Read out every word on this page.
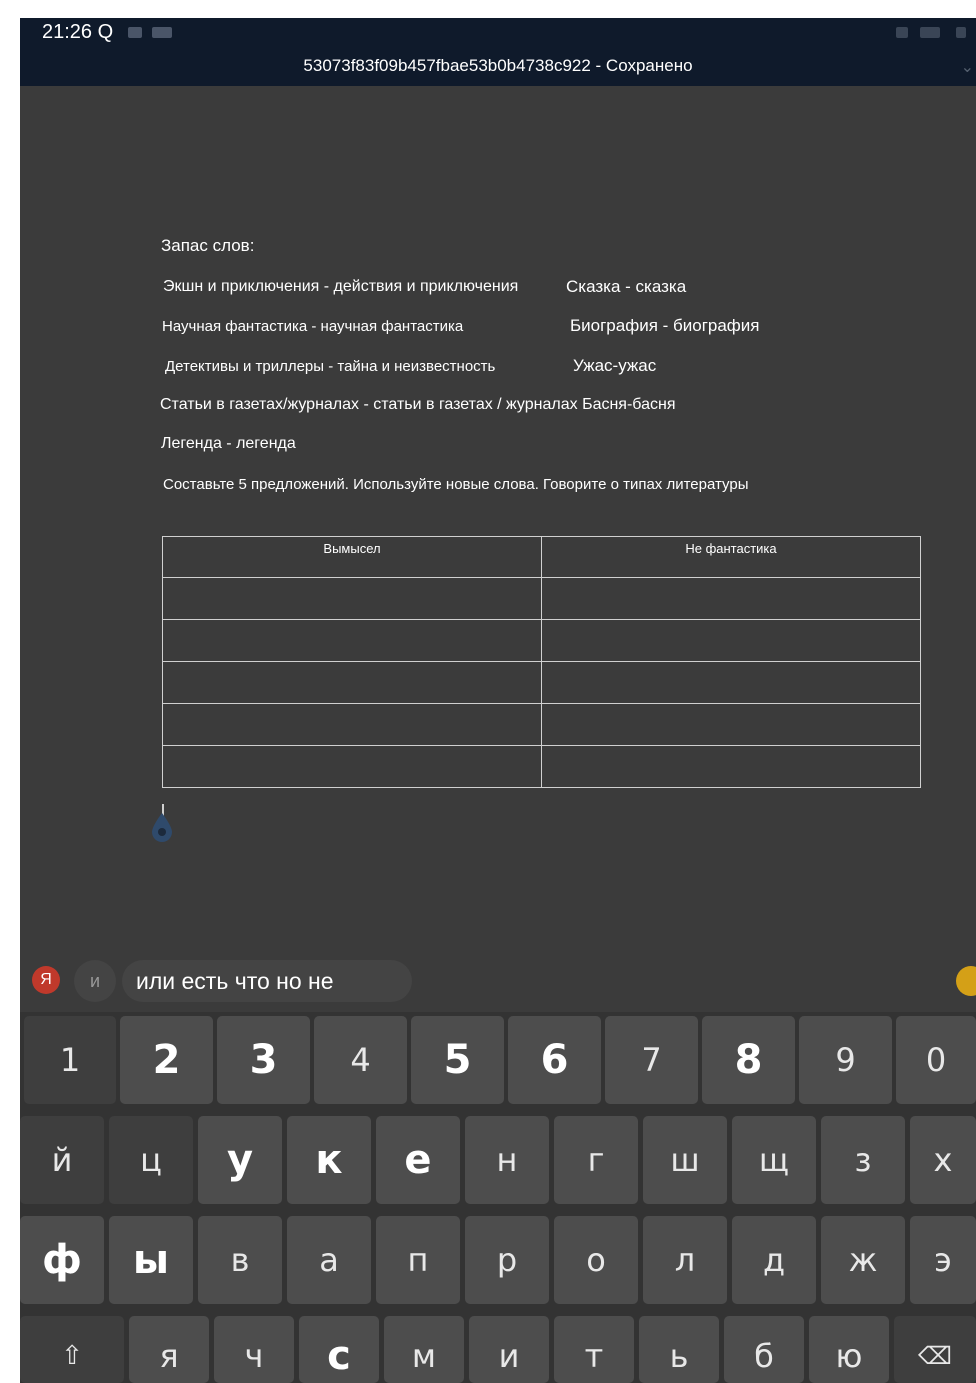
21:26 Q
53073f83f09b457fbae53b0b4738c922 - Сохранено	⌄
Запас слов:
Экшн и приключения - действия и приключения	Сказка - сказка
Научная фантастика - научная фантастика	Биография - биография
Детективы и триллеры - тайна и неизвестность	Ужас-ужас
Статьи в газетах/журналах - статьи в газетах / журналах Басня-басня
Легенда - легенда
Составьте 5 предложений. Используйте новые слова. Говорите о типах литературы
Вымысел	Не фантастика

Я	и	или есть что но не
1	2	3	4	5	6	7	8	9	0
й	ц	у	к	е	н	г	ш	щ	з	х
ф	ы	в	а	п	р	о	л	д	ж	э
⇧	я	ч	с	м	и	т	ь	б	ю	⌫
